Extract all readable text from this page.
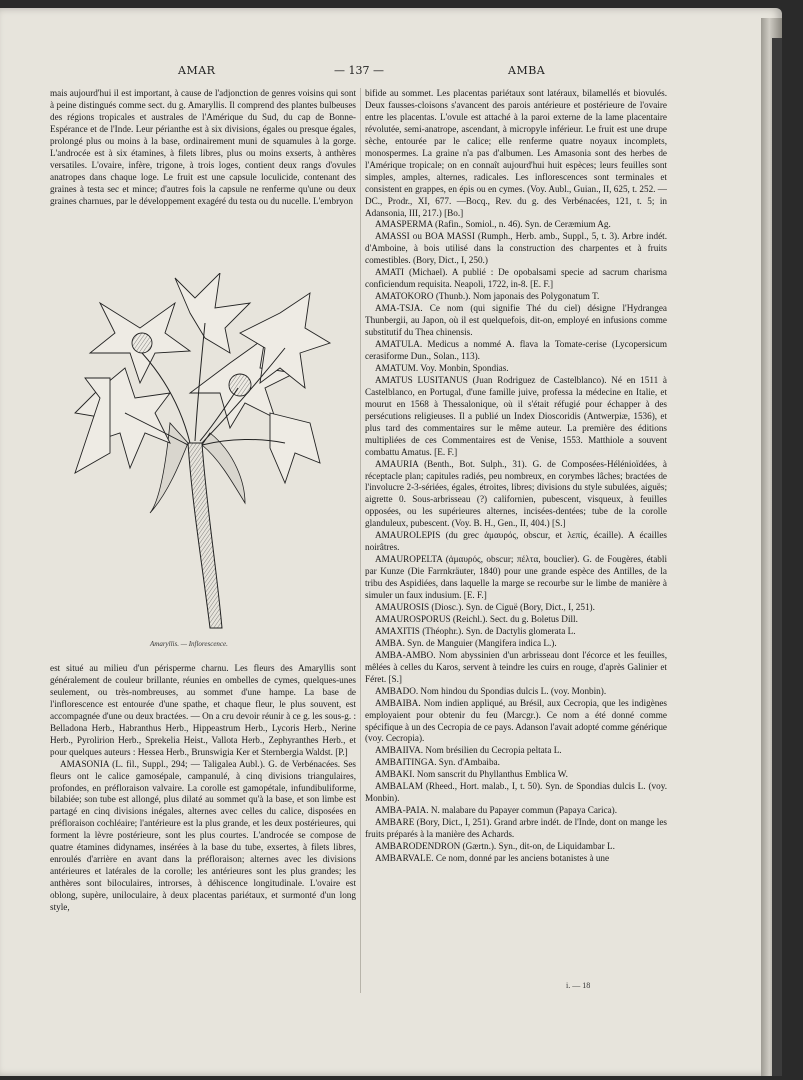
AMAR	— 137 —	AMBA

mais aujourd'hui il est important, à cause de l'adjonction de genres voisins qui sont à peine distingués comme sect. du g. Amaryllis. Il comprend des plantes bulbeuses des régions tropicales et australes de l'Amérique du Sud, du cap de Bonne-Espérance et de l'Inde. Leur périanthe est à six divisions, égales ou presque égales, prolongé plus ou moins à la base, ordinairement muni de squamules à la gorge. L'androcée est à six étamines, à filets libres, plus ou moins exserts, à anthères versatiles. L'ovaire, infère, trigone, à trois loges, contient deux rangs d'ovules anatropes dans chaque loge. Le fruit est une capsule loculicide, contenant des graines à testa sec et mince; d'autres fois la capsule ne renferme qu'une ou deux graines charnues, par le développement exagéré du testa ou du nucelle. L'embryon

Amaryllis. — Inflorescence.

est situé au milieu d'un périsperme charnu. Les fleurs des Amaryllis sont généralement de couleur brillante, réunies en ombelles de cymes, quelques-unes seulement, ou très-nombreuses, au sommet d'une hampe. La base de l'inflorescence est entourée d'une spathe, et chaque fleur, le plus souvent, est accompagnée d'une ou deux bractées. — On a cru devoir réunir à ce g. les sous-g. : Belladona Herb., Habranthus Herb., Hippeastrum Herb., Lycoris Herb., Nerine Herb., Pyrolirion Herb., Sprekelia Heist., Vallota Herb., Zephyranthes Herb., et pour quelques auteurs : Hessea Herb., Brunswigia Ker et Sternbergia Waldst. [P.]

AMASONIA (L. fil., Suppl., 294; — Taligalea Aubl.). G. de Verbénacées. Ses fleurs ont le calice gamosépale, campanulé, à cinq divisions triangulaires, profondes, en préfloraison valvaire. La corolle est gamopétale, infundibuliforme, bilabiée; son tube est allongé, plus dilaté au sommet qu'à la base, et son limbe est partagé en cinq divisions inégales, alternes avec celles du calice, disposées en préfloraison cochléaire; l'antérieure est la plus grande, et les deux postérieures, qui forment la lèvre postérieure, sont les plus courtes. L'androcée se compose de quatre étamines didynames, insérées à la base du tube, exsertes, à filets libres, enroulés d'arrière en avant dans la préfloraison; alternes avec les divisions antérieures et latérales de la corolle; les antérieures sont les plus grandes; les anthères sont biloculaires, introrses, à déhiscence longitudinale. L'ovaire est oblong, supère, uniloculaire, à deux placentas pariétaux, et surmonté d'un long style,

bifide au sommet. Les placentas pariétaux sont latéraux, bilamellés et biovulés. Deux fausses-cloisons s'avancent des parois antérieure et postérieure de l'ovaire entre les placentas. L'ovule est attaché à la paroi externe de la lame placentaire révolutée, semi-anatrope, ascendant, à micropyle inférieur. Le fruit est une drupe sèche, entourée par le calice; elle renferme quatre noyaux incomplets, monospermes. La graine n'a pas d'albumen. Les Amasonia sont des herbes de l'Amérique tropicale; on en connaît aujourd'hui huit espèces; leurs feuilles sont simples, amples, alternes, radicales. Les inflorescences sont terminales et consistent en grappes, en épis ou en cymes. (Voy. Aubl., Guian., II, 625, t. 252. —DC., Prodr., XI, 677. —Bocq., Rev. du g. des Verbénacées, 121, t. 5; in Adansonia, III, 217.) [Bo.]

AMASPERMA (Rafin., Somiol., n. 46). Syn. de Ceræmium Ag.

AMASSI ou BOA MASSI (Rumph., Herb. amb., Suppl., 5, t. 3). Arbre indét. d'Amboine, à bois utilisé dans la construction des charpentes et à fruits comestibles. (Bory, Dict., I, 250.)

AMATI (Michael). A publié : De opobalsami specie ad sacrum charisma conficiendum requisita. Neapoli, 1722, in-8. [E. F.]

AMATOKORO (Thunb.). Nom japonais des Polygonatum T.

AMA-TSJA. Ce nom (qui signifie Thé du ciel) désigne l'Hydrangea Thunbergii, au Japon, où il est quelquefois, dit-on, employé en infusions comme substitutif du Thea chinensis.

AMATULA. Medicus a nommé A. flava la Tomate-cerise (Lycopersicum cerasiforme Dun., Solan., 113).

AMATUM. Voy. Monbin, Spondias.

AMATUS LUSITANUS (Juan Rodriguez de Castelblanco). Né en 1511 à Castelblanco, en Portugal, d'une famille juive, professa la médecine en Italie, et mourut en 1568 à Thessalonique, où il s'était réfugié pour échapper à des persécutions religieuses. Il a publié un Index Dioscoridis (Antwerpiæ, 1536), et plus tard des commentaires sur le même auteur. La première des éditions multipliées de ces Commentaires est de Venise, 1553. Matthiole a souvent combattu Amatus. [E. F.]

AMAURIA (Benth., Bot. Sulph., 31). G. de Composées-Hélénioïdées, à réceptacle plan; capitules radiés, peu nombreux, en corymbes lâches; bractées de l'involucre 2-3-sériées, égales, étroites, libres; divisions du style subulées, aiguës; aigrette 0. Sous-arbrisseau (?) californien, pubescent, visqueux, à feuilles opposées, ou les supérieures alternes, incisées-dentées; tube de la corolle glanduleux, pubescent. (Voy. B. H., Gen., II, 404.) [S.]

AMAUROLEPIS (du grec ἀμαυρός, obscur, et λεπίς, écaille). A écailles noirâtres.

AMAUROPELTA (ἀμαυρός, obscur; πέλτα, bouclier). G. de Fougères, établi par Kunze (Die Farrnkräuter, 1840) pour une grande espèce des Antilles, de la tribu des Aspidiées, dans laquelle la marge se recourbe sur le limbe de manière à simuler un faux indusium. [E. F.]

AMAUROSIS (Diosc.). Syn. de Ciguë (Bory, Dict., I, 251).

AMAUROSPORUS (Reichl.). Sect. du g. Boletus Dill.

AMAXITIS (Théophr.). Syn. de Dactylis glomerata L.

AMBA. Syn. de Manguier (Mangifera indica L.).

AMBA-AMBO. Nom abyssinien d'un arbrisseau dont l'écorce et les feuilles, mêlées à celles du Karos, servent à teindre les cuirs en rouge, d'après Galinier et Féret. [S.]

AMBADO. Nom hindou du Spondias dulcis L. (voy. Monbin).

AMBAIBA. Nom indien appliqué, au Brésil, aux Cecropia, que les indigènes employaient pour obtenir du feu (Marcgr.). Ce nom a été donné comme spécifique à un des Cecropia de ce pays. Adanson l'avait adopté comme générique (voy. Cecropia).

AMBAIIVA. Nom brésilien du Cecropia peltata L.

AMBAITINGA. Syn. d'Ambaiba.

AMBAKI. Nom sanscrit du Phyllanthus Emblica W.

AMBALAM (Rheed., Hort. malab., I, t. 50). Syn. de Spondias dulcis L. (voy. Monbin).

AMBA-PAIA. N. malabare du Papayer commun (Papaya Carica).

AMBARE (Bory, Dict., I, 251). Grand arbre indét. de l'Inde, dont on mange les fruits préparés à la manière des Achards.

AMBARODENDRON (Gærtn.). Syn., dit-on, de Liquidambar L.

AMBARVALE. Ce nom, donné par les anciens botanistes à une

i. — 18
